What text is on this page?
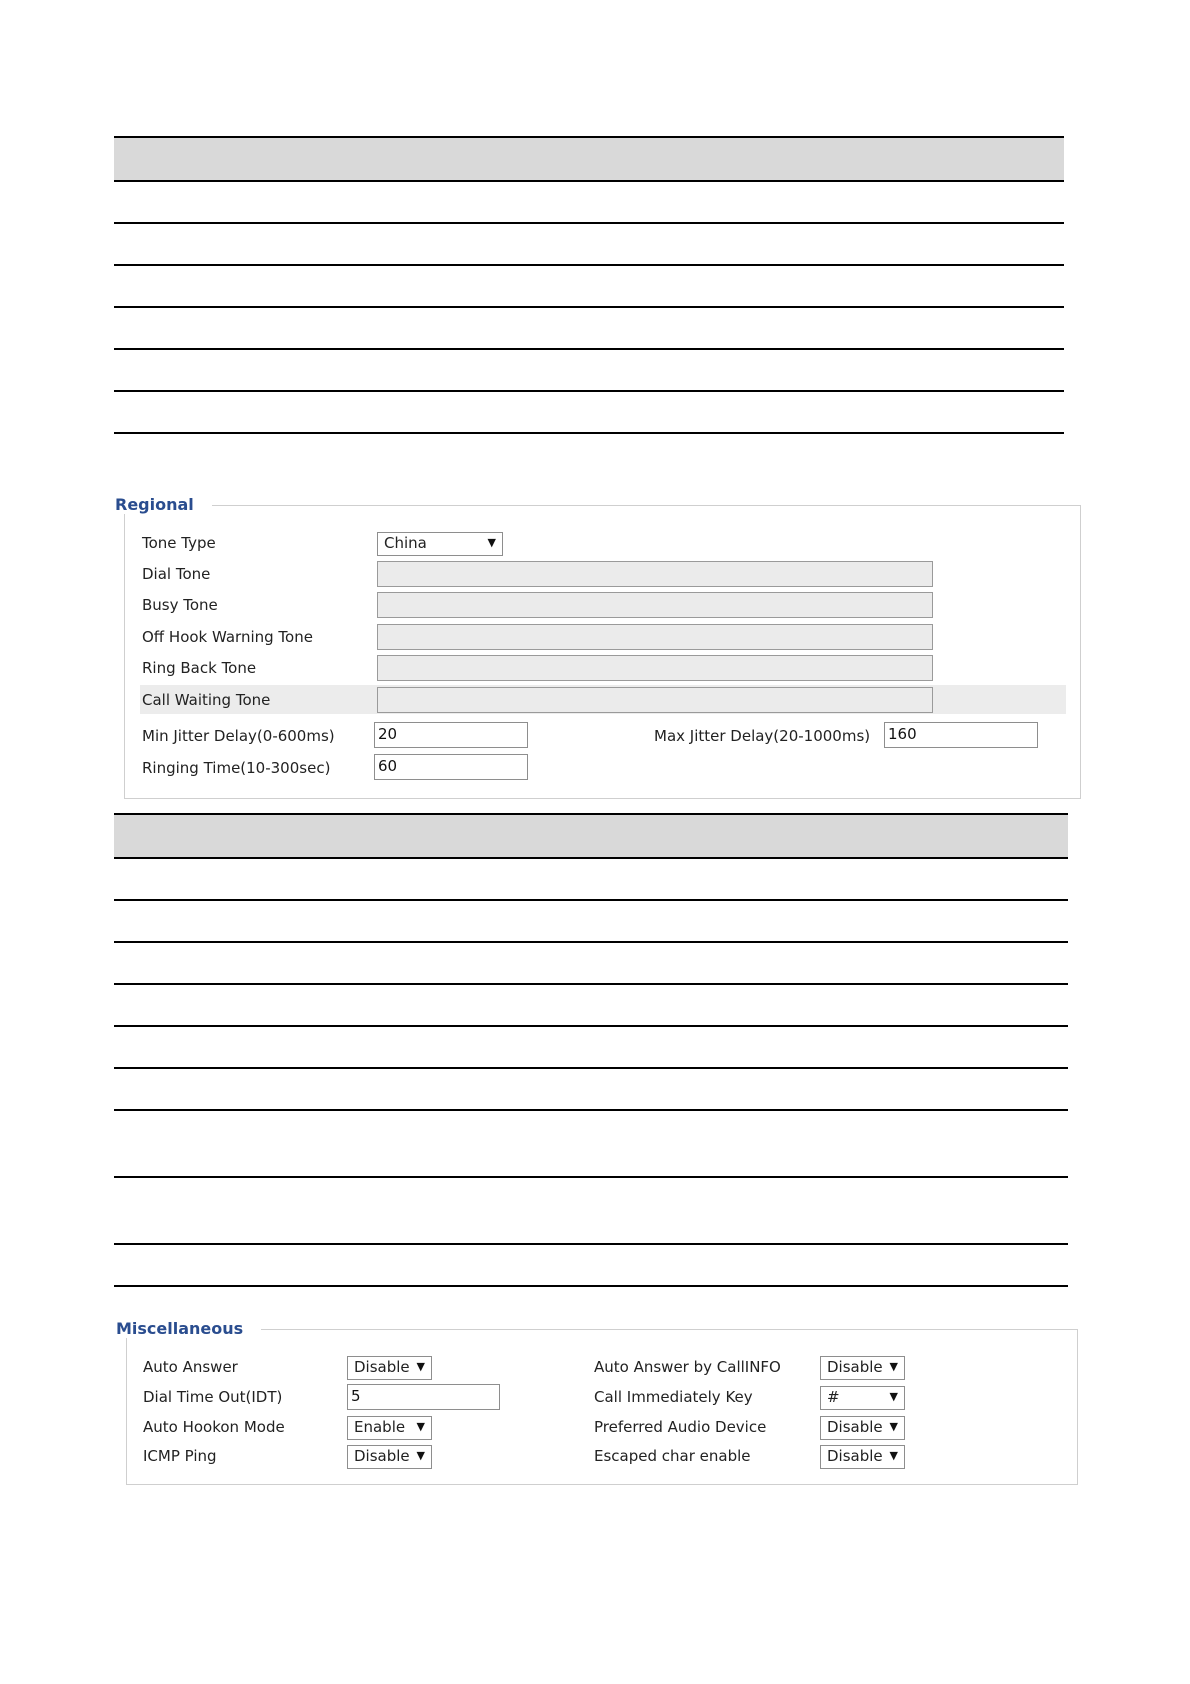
Regional
Tone Type	China	▼
Dial Tone
Busy Tone
Off Hook Warning Tone
Ring Back Tone
Call Waiting Tone
Min Jitter Delay(0-600ms)	20	Max Jitter Delay(20-1000ms) 160
Ringing Time(10-300sec)	60
Miscellaneous
Auto Answer	Disable ▼	Auto Answer by CallINFO	Disable ▼
Dial Time Out(IDT)	5	Call Immediately Key	#	▼
Auto Hookon Mode	Enable ▼	Preferred Audio Device	Disable ▼
ICMP Ping	Disable ▼	Escaped char enable	Disable ▼
